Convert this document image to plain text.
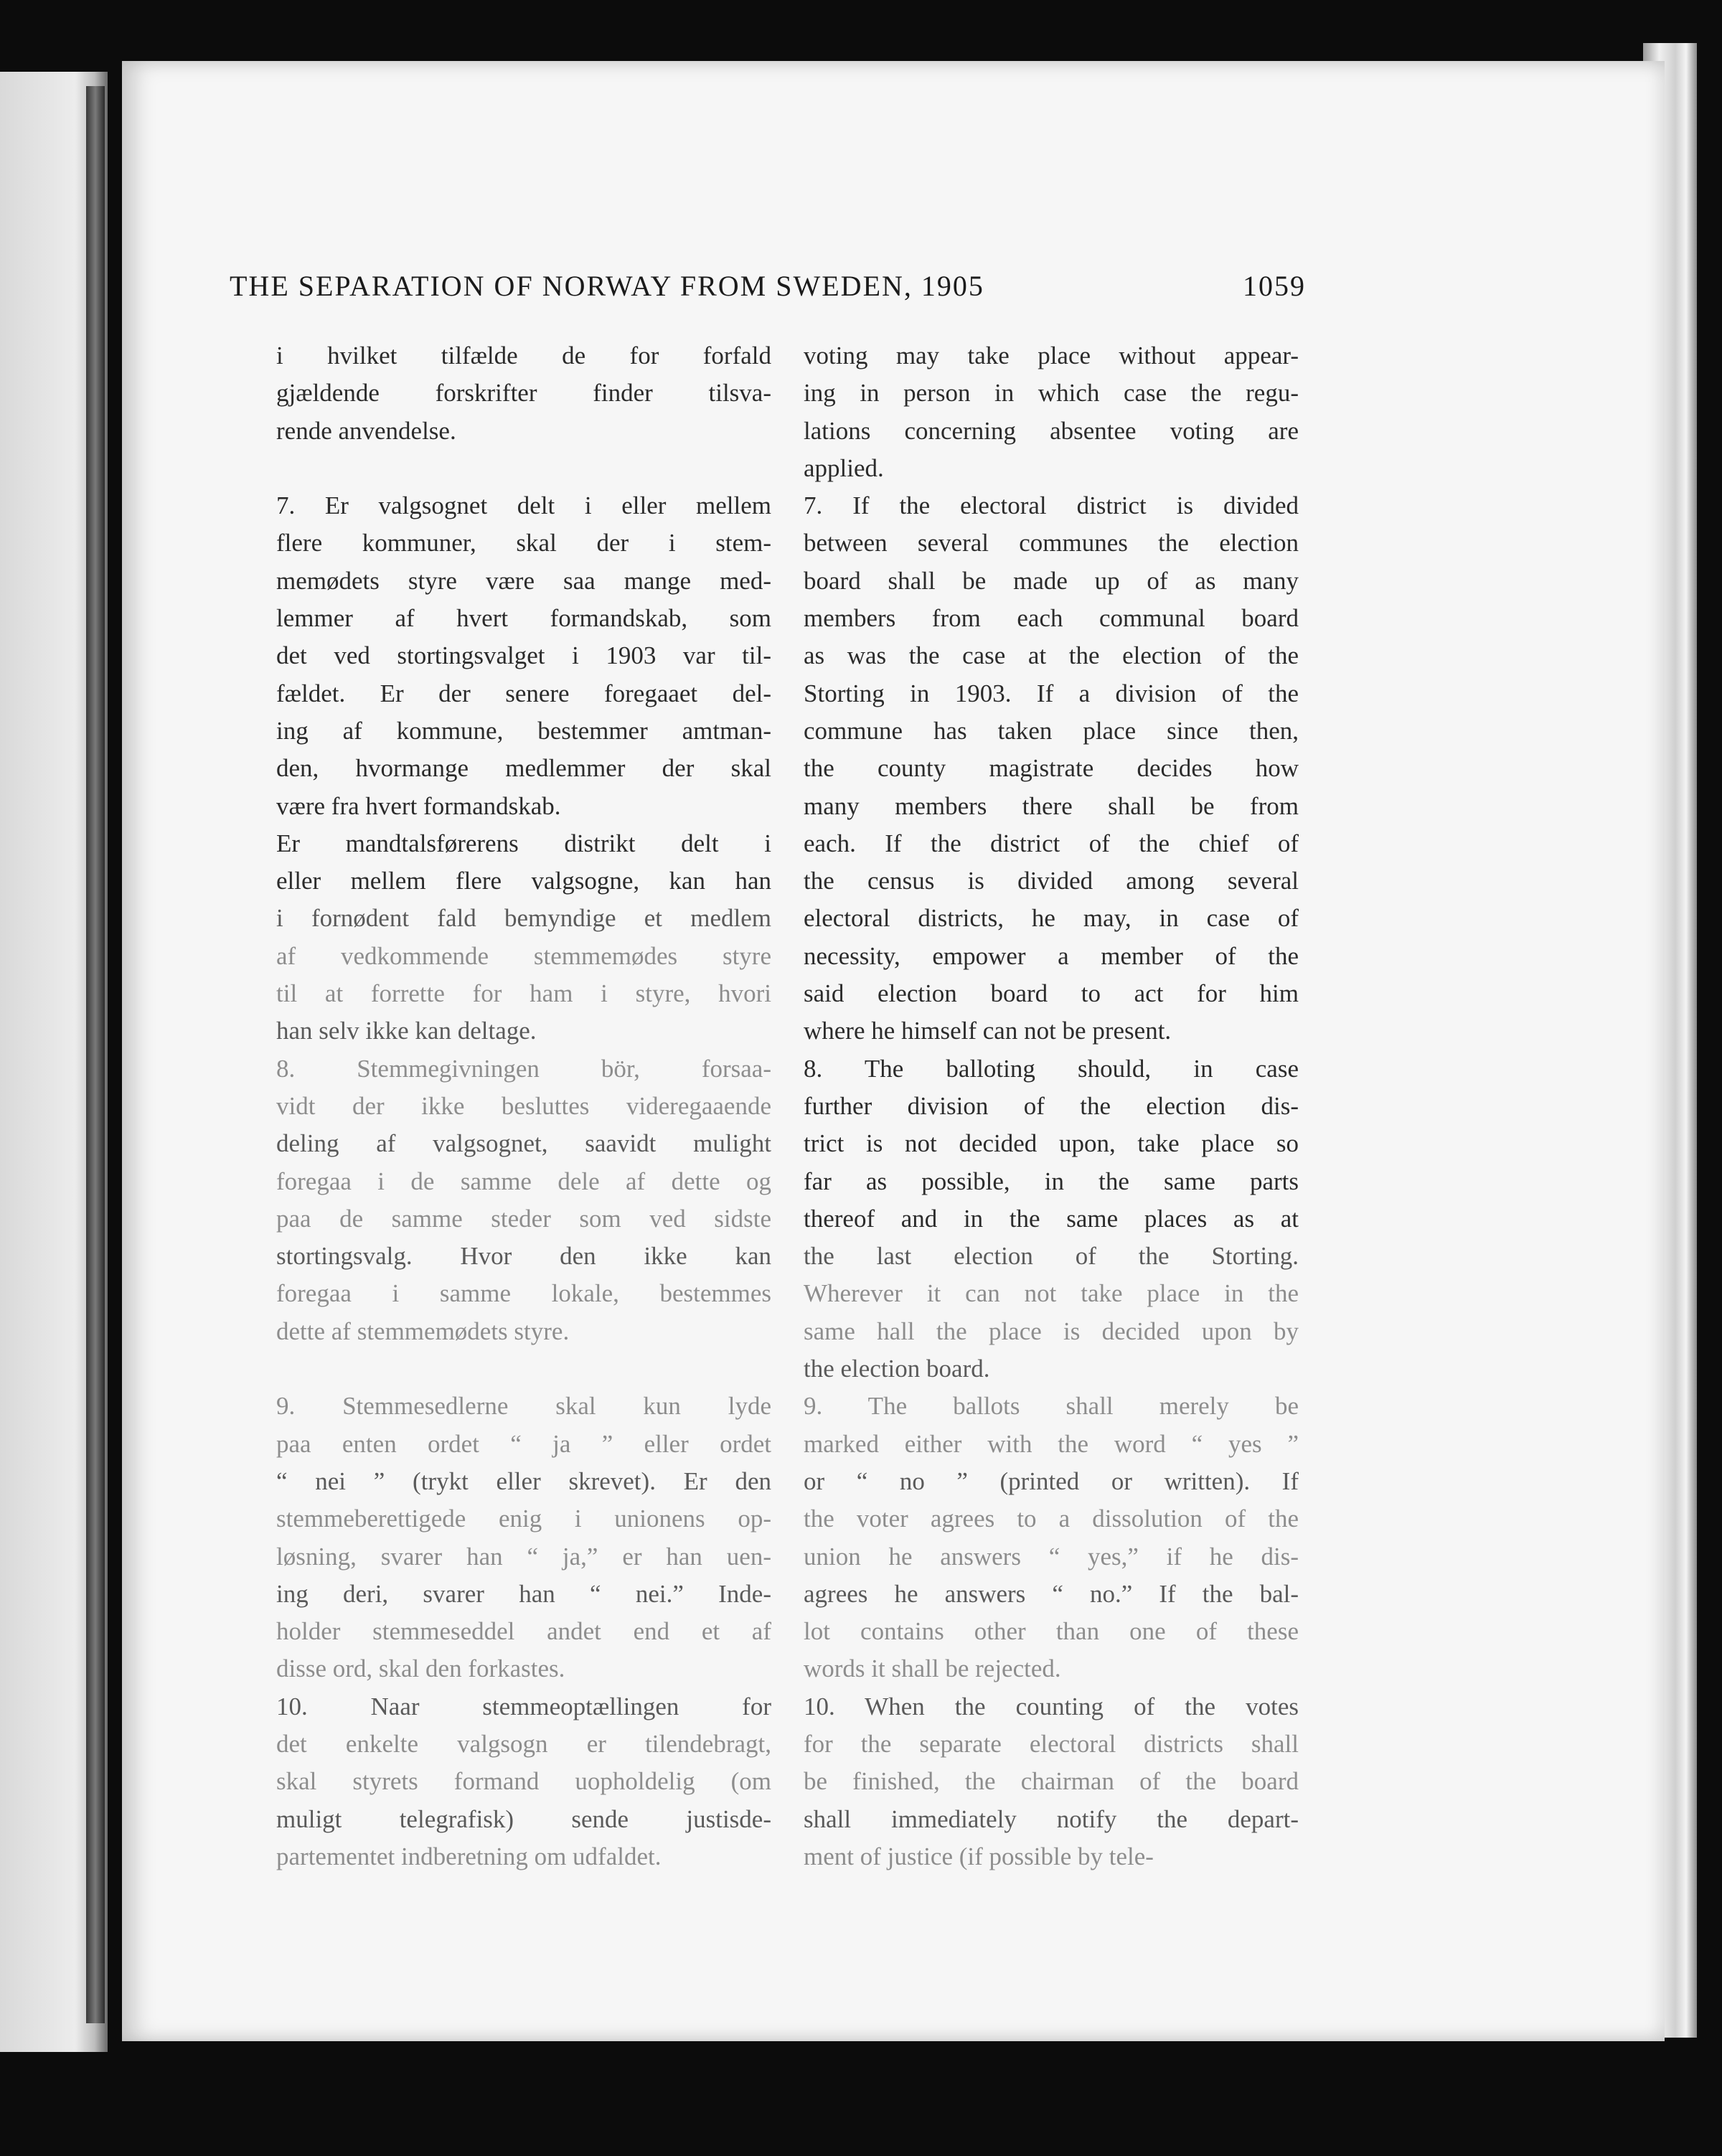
THE SEPARATION OF NORWAY FROM SWEDEN, 1905	1059
i hvilket tilfælde de for forfald
gjældende forskrifter finder tilsva-
rende anvendelse.
7. Er valgsognet delt i eller mellem
flere kommuner, skal der i stem-
memødets styre være saa mange med-
lemmer af hvert formandskab, som
det ved stortingsvalget i 1903 var til-
fældet. Er der senere foregaaet del-
ing af kommune, bestemmer amtman-
den, hvormange medlemmer der skal
være fra hvert formandskab.
Er mandtalsførerens distrikt delt i
eller mellem flere valgsogne, kan han
i fornødent fald bemyndige et medlem
af vedkommende stemmemødes styre
til at forrette for ham i styre, hvori
han selv ikke kan deltage.
8. Stemmegivningen bör, forsaa-
vidt der ikke besluttes videregaaende
deling af valgsognet, saavidt mulight
foregaa i de samme dele af dette og
paa de samme steder som ved sidste
stortingsvalg. Hvor den ikke kan
foregaa i samme lokale, bestemmes
dette af stemmemødets styre.
9. Stemmesedlerne skal kun lyde
paa enten ordet “ ja ” eller ordet
“ nei ” (trykt eller skrevet). Er den
stemmeberettigede enig i unionens op-
løsning, svarer han “ ja,” er han uen-
ing deri, svarer han “ nei.” Inde-
holder stemmeseddel andet end et af
disse ord, skal den forkastes.
10. Naar stemmeoptællingen for
det enkelte valgsogn er tilendebragt,
skal styrets formand uopholdelig (om
muligt telegrafisk) sende justisde-
partementet indberetning om udfaldet.
voting may take place without appear-
ing in person in which case the regu-
lations concerning absentee voting are
applied.
7. If the electoral district is divided
between several communes the election
board shall be made up of as many
members from each communal board
as was the case at the election of the
Storting in 1903. If a division of the
commune has taken place since then,
the county magistrate decides how
many members there shall be from
each. If the district of the chief of
the census is divided among several
electoral districts, he may, in case of
necessity, empower a member of the
said election board to act for him
where he himself can not be present.
8. The balloting should, in case
further division of the election dis-
trict is not decided upon, take place so
far as possible, in the same parts
thereof and in the same places as at
the last election of the Storting.
Wherever it can not take place in the
same hall the place is decided upon by
the election board.
9. The ballots shall merely be
marked either with the word “ yes ”
or “ no ” (printed or written). If
the voter agrees to a dissolution of the
union he answers “ yes,” if he dis-
agrees he answers “ no.” If the bal-
lot contains other than one of these
words it shall be rejected.
10. When the counting of the votes
for the separate electoral districts shall
be finished, the chairman of the board
shall immediately notify the depart-
ment of justice (if possible by tele-
